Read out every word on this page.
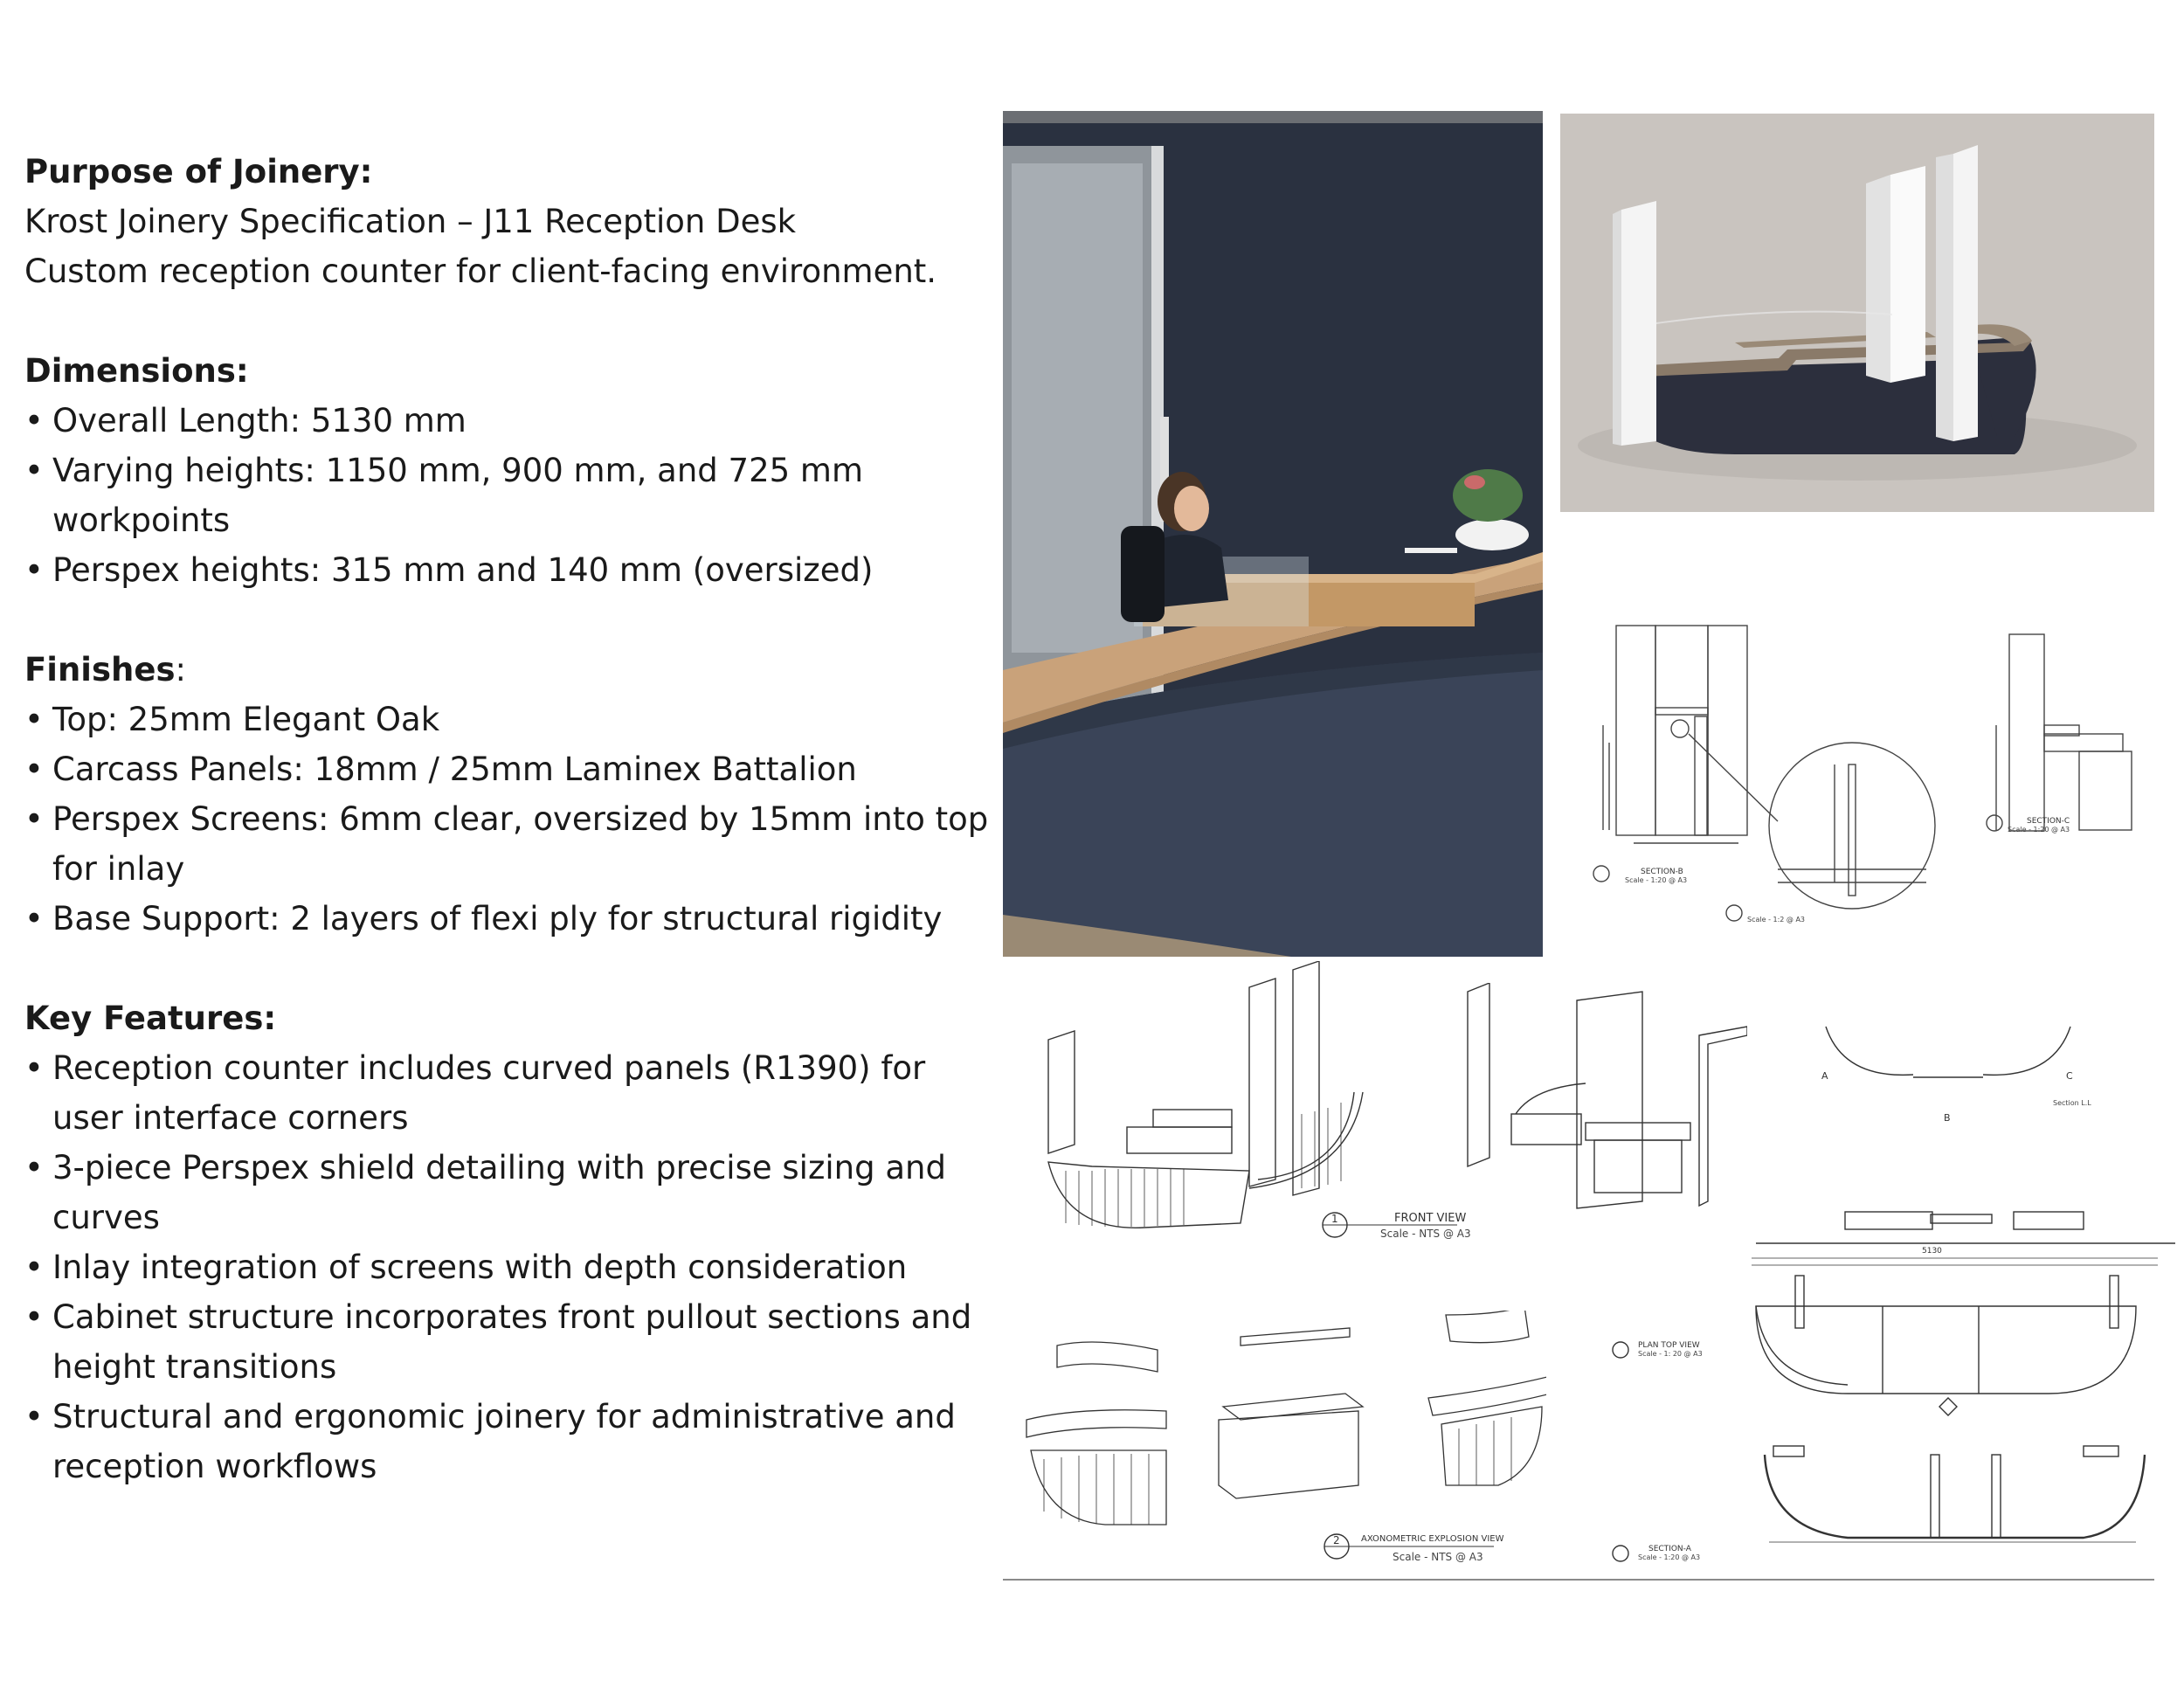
Purpose of Joinery:

Krost Joinery Specification – J11 Reception Desk

Custom reception counter for client-facing environment.

Dimensions:

• Overall Length: 5130 mm
• Varying heights: 1150 mm, 900 mm, and 725 mm workpoints
• Perspex heights: 315 mm and 140 mm (oversized)

Finishes:

• Top: 25mm Elegant Oak
• Carcass Panels: 18mm / 25mm Laminex Battalion
• Perspex Screens: 6mm clear, oversized by 15mm into top for inlay
• Base Support: 2 layers of flexi ply for structural rigidity

Key Features:

• Reception counter includes curved panels (R1390) for user interface corners
• 3-piece Perspex shield detailing with precise sizing and curves
• Inlay integration of screens with depth consideration
• Cabinet structure incorporates front pullout sections and height transitions
• Structural and ergonomic joinery for administrative and reception workflows
SECTION-B
Scale - 1:20 @ A3
SECTION-C
Scale - 1:20 @ A3
Scale - 1:2 @ A3
1	FRONT VIEW
Scale - NTS @ A3
A
B
C
Section L.L
2 AXONOMETRIC EXPLOSION VIEW
Scale - NTS @ A3
5130
PLAN TOP VIEW
Scale - 1: 20 @ A3
SECTION-A
Scale - 1:20 @ A3
